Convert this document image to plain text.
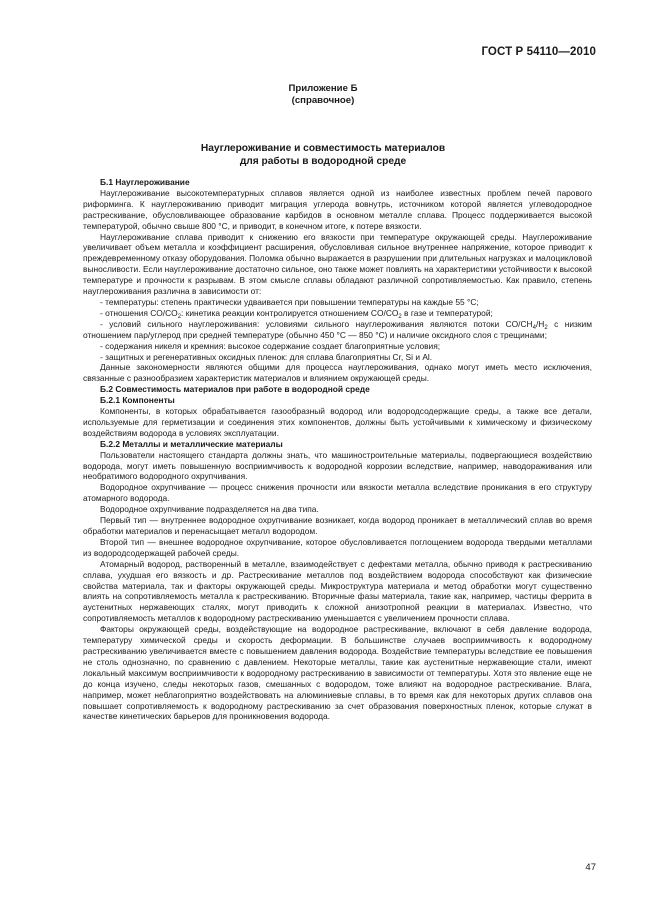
ГОСТ Р 54110—2010
Приложение Б
(справочное)
Науглероживание и совместимость материалов
для работы в водородной среде
Б.1 Науглероживание

Науглероживание высокотемпературных сплавов является одной из наиболее известных проблем печей парового риформинга. К науглероживанию приводит миграция углерода вовнутрь, источником которой является углеводородное растрескивание, обусловливающее образование карбидов в основном металле сплава. Процесс поддерживается высокой температурой, обычно свыше 800 °С, и приводит, в конечном итоге, к потере вязкости.

Науглероживание сплава приводит к снижению его вязкости при температуре окружающей среды. Науглероживание увеличивает объем металла и коэффициент расширения, обусловливая сильное внутреннее напряжение, которое приводит к преждевременному отказу оборудования. Поломка обычно выражается в разрушении при длительных нагрузках и малоцикловой выносливости. Если науглероживание достаточно сильное, оно также может повлиять на характеристики устойчивости к высокой температуре и прочности к разрывам. В этом смысле сплавы обладают различной сопротивляемостью. Как правило, степень науглероживания различна в зависимости от:

- температуры: степень практически удваивается при повышении температуры на каждые 55 °С;

- отношения $CO/CO_2$: кинетика реакции контролируется отношением $CO/CO_2$ в газе и температурой;

- условий сильного науглероживания: условиями сильного науглероживания являются потоки $CO/CH_4/H_2$ с низким отношением пар/углерод при средней температуре (обычно 450 °С — 850 °С) и наличие оксидного слоя с трещинами;

- содержания никеля и кремния: высокое содержание создает благоприятные условия;

- защитных и регенеративных оксидных пленок: для сплава благоприятны Cr, Si и Al.

Данные закономерности являются общими для процесса науглероживания, однако могут иметь место исключения, связанные с разнообразием характеристик материалов и влиянием окружающей среды.

Б.2 Совместимость материалов при работе в водородной среде
Б.2.1 Компоненты

Компоненты, в которых обрабатывается газообразный водород или водородсодержащие среды, а также все детали, используемые для герметизации и соединения этих компонентов, должны быть устойчивыми к химическому и физическому воздействиям водорода в условиях эксплуатации.

Б.2.2 Металлы и металлические материалы

Пользователи настоящего стандарта должны знать, что машиностроительные материалы, подвергающиеся воздействию водорода, могут иметь повышенную восприимчивость к водородной коррозии вследствие, например, наводораживания или необратимого водородного охрупчивания.

Водородное охрупчивание — процесс снижения прочности или вязкости металла вследствие проникания в его структуру атомарного водорода.

Водородное охрупчивание подразделяется на два типа.

Первый тип — внутреннее водородное охрупчивание возникает, когда водород проникает в металлический сплав во время обработки материалов и перенасыщает металл водородом.

Второй тип — внешнее водородное охрупчивание, которое обусловливается поглощением водорода твердыми металлами из водородсодержащей рабочей среды.

Атомарный водород, растворенный в металле, взаимодействует с дефектами металла, обычно приводя к растрескиванию сплава, ухудшая его вязкость и др. Растрескивание металлов под воздействием водорода способствуют как физические свойства материала, так и факторы окружающей среды. Микроструктура материала и метод обработки могут существенно влиять на сопротивляемость металла к растрескиванию. Вторичные фазы материала, такие как, например, частицы феррита в аустенитных нержавеющих сталях, могут приводить к сложной анизотропной реакции в материалах. Известно, что сопротивляемость металлов к водородному растрескиванию уменьшается с увеличением прочности сплава.

Факторы окружающей среды, воздействующие на водородное растрескивание, включают в себя давление водорода, температуру химической среды и скорость деформации. В большинстве случаев восприимчивость к водородному растрескиванию увеличивается вместе с повышением давления водорода. Воздействие температуры вследствие ее повышения не столь однозначно, по сравнению с давлением. Некоторые металлы, такие как аустенитные нержавеющие стали, имеют локальный максимум восприимчивости к водородному растрескиванию в зависимости от температуры. Хотя это явление еще не до конца изучено, следы некоторых газов, смешанных с водородом, тоже влияют на водородное растрескивание. Влага, например, может неблагоприятно воздействовать на алюминиевые сплавы, в то время как для некоторых других сплавов она повышает сопротивляемость к водородному растрескиванию за счет образования поверхностных пленок, которые служат в качестве кинетических барьеров для проникновения водорода.

47
